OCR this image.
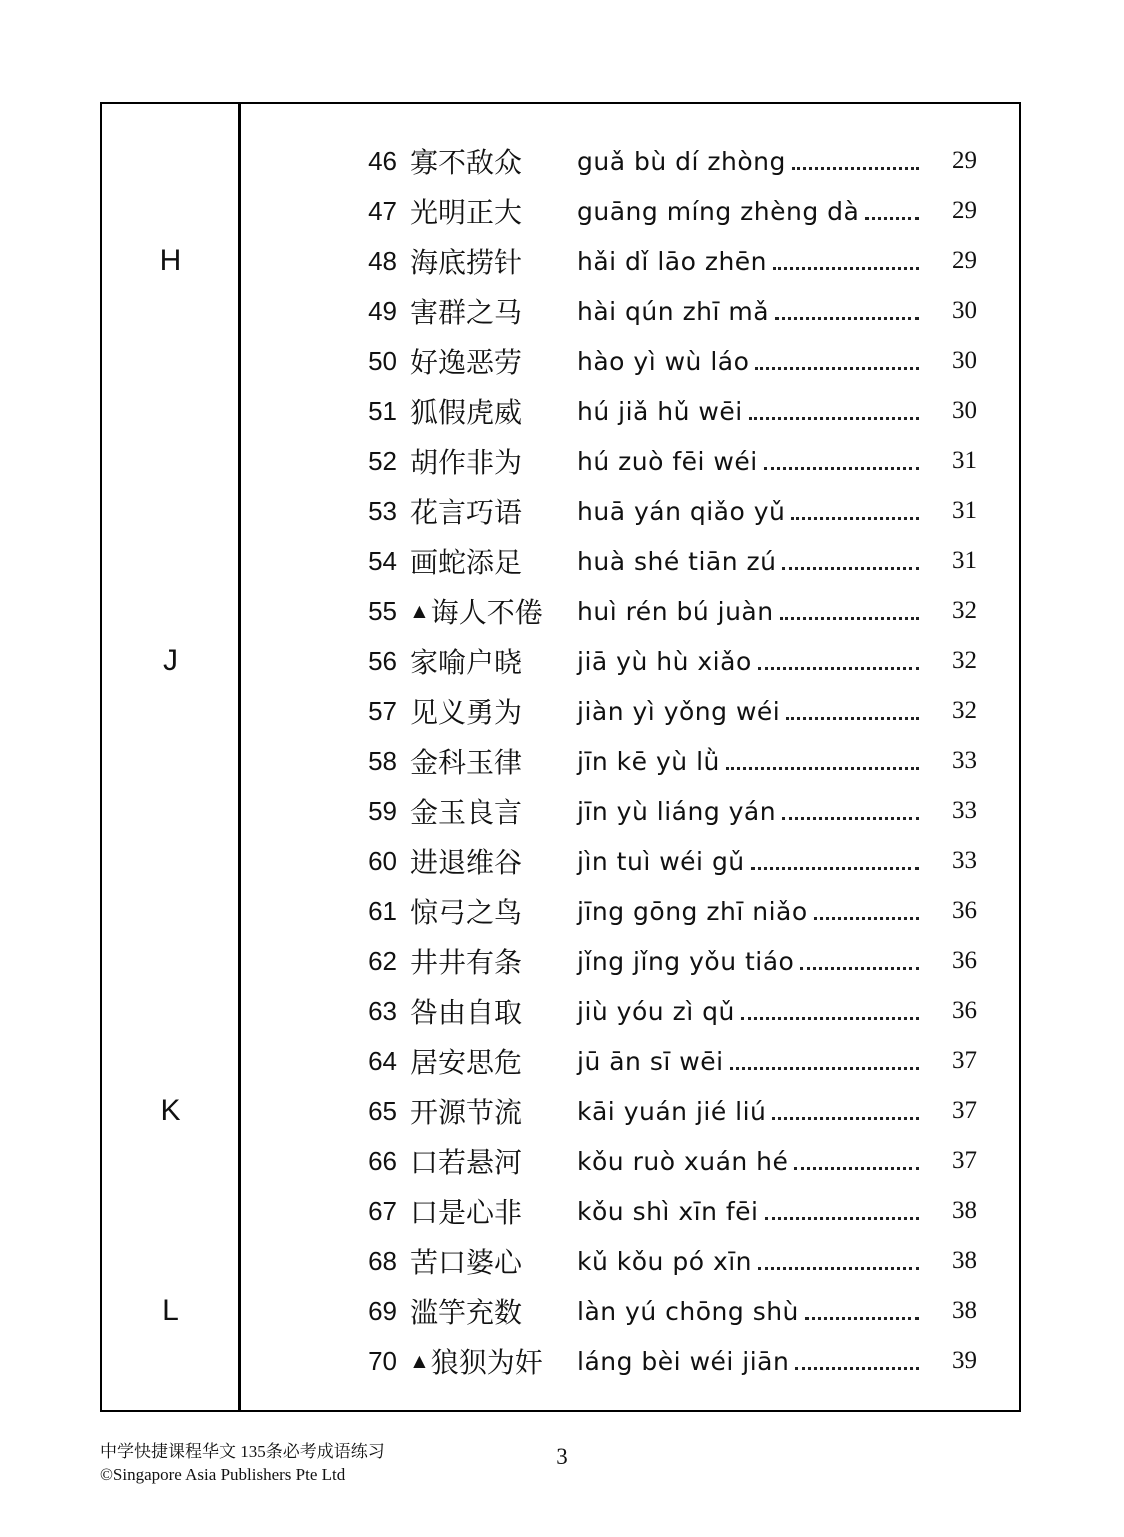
46 寡不敌众 guǎ bù dí zhòng	29
47 光明正大 guāng míng zhèng dà	29
H	48 海底捞针 hǎi dǐ lāo zhēn	29
49 害群之马 hài qún zhī mǎ	30
50 好逸恶劳 hào yì wù láo	30
51 狐假虎威 hú jiǎ hǔ wēi	30
52 胡作非为 hú zuò fēi wéi	31
53 花言巧语 huā yán qiǎo yǔ	31
54 画蛇添足 huà shé tiān zú	31
55 ▲ 诲人不倦 huì rén bú juàn	32
J	56 家喻户晓 jiā yù hù xiǎo	32
57 见义勇为 jiàn yì yǒng wéi	32
58 金科玉律 jīn kē yù lǜ	33
59 金玉良言 jīn yù liáng yán	33
60 进退维谷 jìn tuì wéi gǔ	33
61 惊弓之鸟 jīng gōng zhī niǎo	36
62 井井有条 jǐng jǐng yǒu tiáo	36
63 咎由自取 jiù yóu zì qǔ	36
64 居安思危 jū ān sī wēi	37
K	65 开源节流 kāi yuán jié liú	37
66 口若悬河 kǒu ruò xuán hé	37
67 口是心非 kǒu shì xīn fēi	38
68 苦口婆心 kǔ kǒu pó xīn	38
L	69 滥竽充数 làn yú chōng shù	38
70 ▲ 狼狈为奸 láng bèi wéi jiān	39
中学快捷课程华文 135条必考成语练习
©Singapore Asia Publishers Pte Ltd
3
